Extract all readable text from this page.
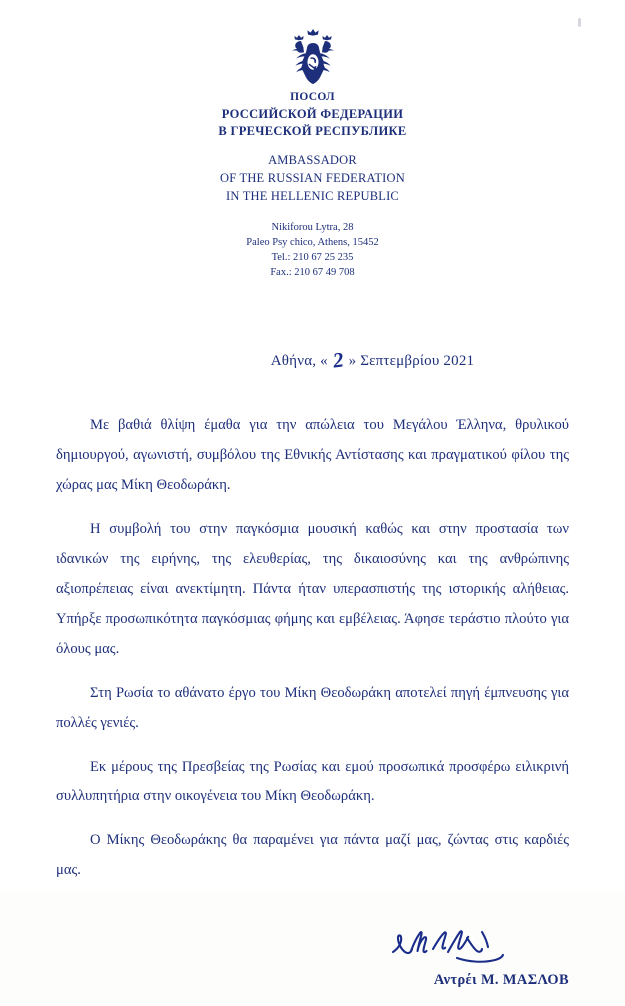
ПОСОЛ
РОССИЙСКОЙ ФЕДЕРАЦИИ
В ГРЕЧЕСКОЙ РЕСПУБЛИКЕ
AMBASSADOR
OF THE RUSSIAN FEDERATION
IN THE HELLENIC REPUBLIC
Nikiforou Lytra, 28
Paleo Psy chico, Athens, 15452
Tel.: 210 67 25 235
Fax.: 210 67 49 708
Αθήνα, « 2 » Σεπτεμβρίου 2021

Με βαθιά θλίψη έμαθα για την απώλεια του Μεγάλου Έλληνα, θρυλικού δημιουργού, αγωνιστή, συμβόλου της Εθνικής Αντίστασης και πραγματικού φίλου της χώρας μας Μίκη Θεοδωράκη.

Η συμβολή του στην παγκόσμια μουσική καθώς και στην προστασία των ιδανικών της ειρήνης, της ελευθερίας, της δικαιοσύνης και της ανθρώπινης αξιοπρέπειας είναι ανεκτίμητη. Πάντα ήταν υπερασπιστής της ιστορικής αλήθειας. Υπήρξε προσωπικότητα παγκόσμιας φήμης και εμβέλειας. Άφησε τεράστιο πλούτο για όλους μας.

Στη Ρωσία το αθάνατο έργο του Μίκη Θεοδωράκη αποτελεί πηγή έμπνευσης για πολλές γενιές.

Εκ μέρους της Πρεσβείας της Ρωσίας και εμού προσωπικά προσφέρω ειλικρινή συλλυπητήρια στην οικογένεια του Μίκη Θεοδωράκη.

Ο Μίκης Θεοδωράκης θα παραμένει για πάντα μαζί μας, ζώντας στις καρδιές μας.

Αντρέι Μ. ΜΑΣΛΟΒ
